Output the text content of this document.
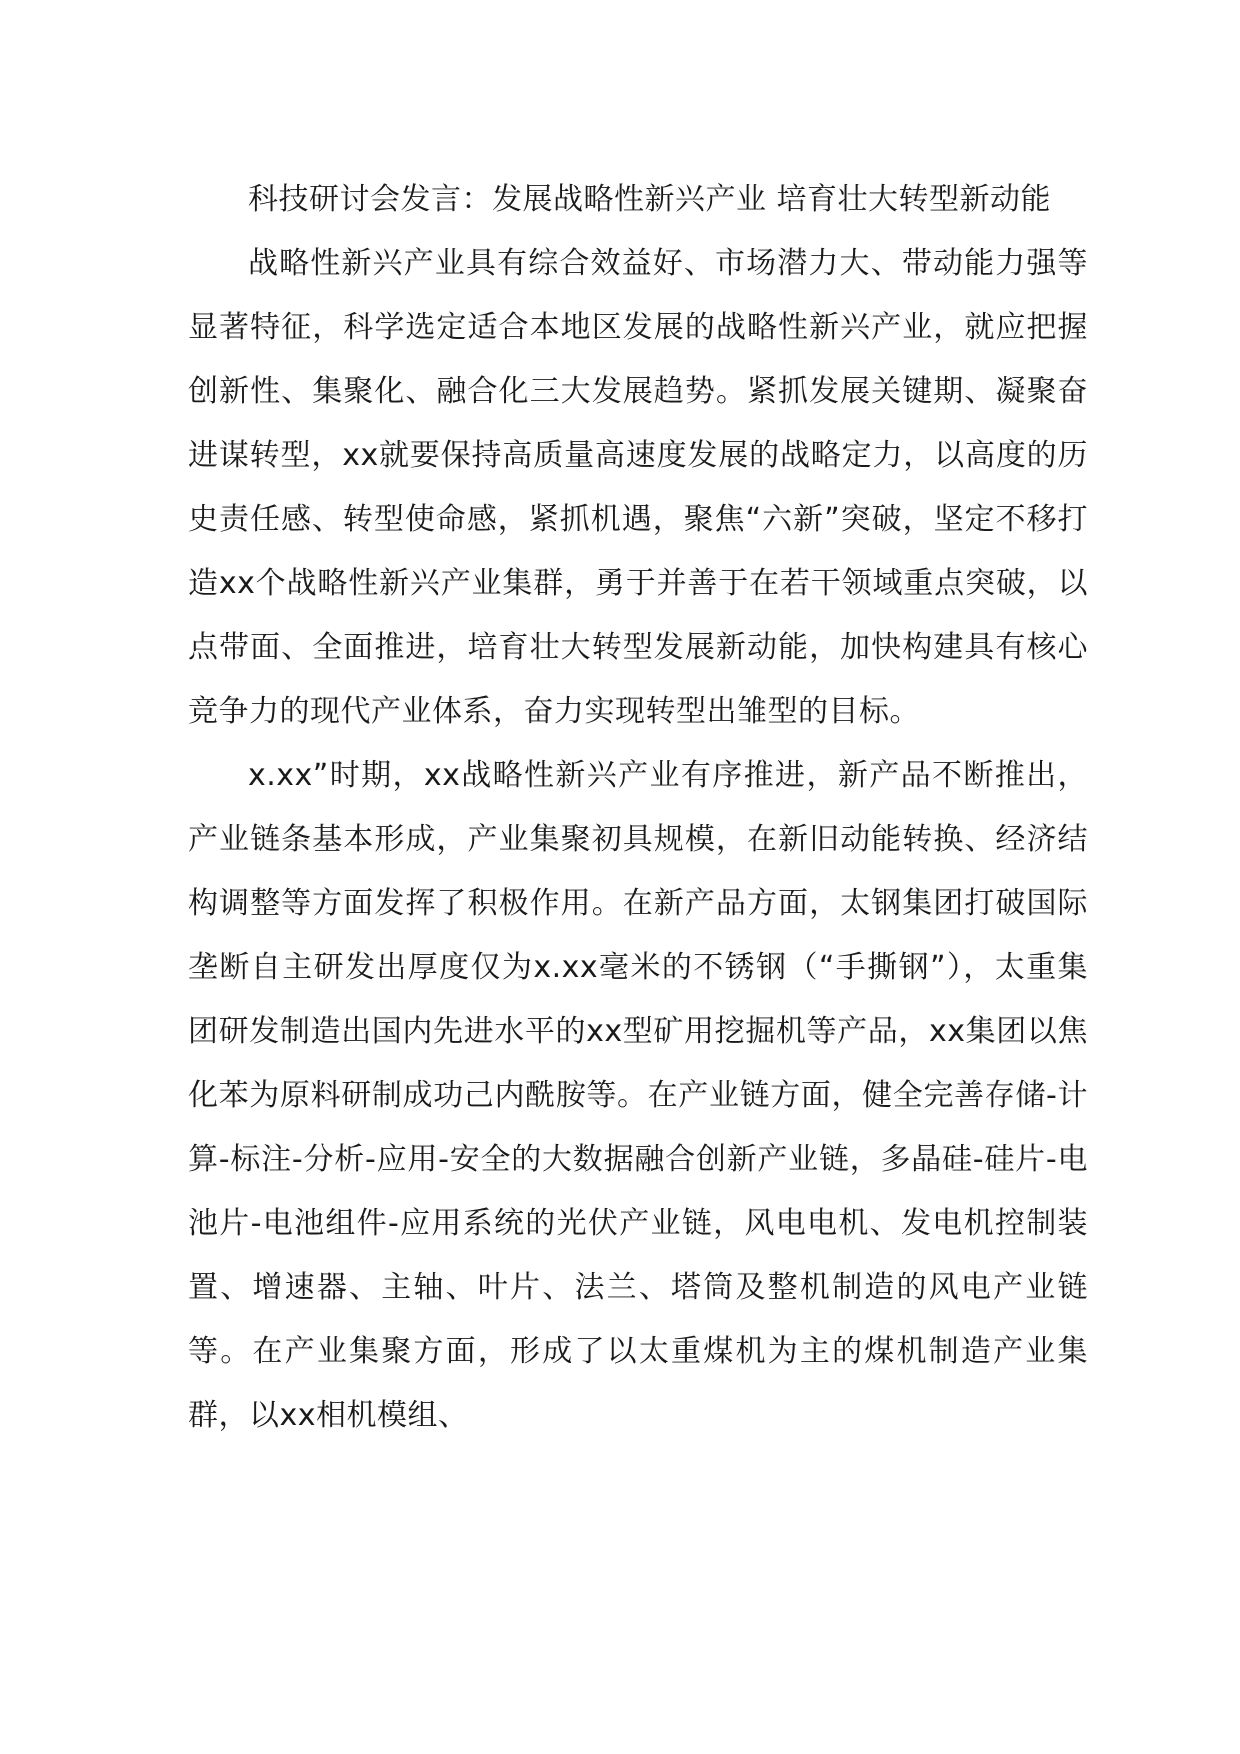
科技研讨会发言：发展战略性新兴产业 培育壮大转型新动能

战略性新兴产业具有综合效益好、市场潜力大、带动能力强等显著特征，科学选定适合本地区发展的战略性新兴产业，就应把握创新性、集聚化、融合化三大发展趋势。紧抓发展关键期、凝聚奋进谋转型，xx就要保持高质量高速度发展的战略定力，以高度的历史责任感、转型使命感，紧抓机遇，聚焦“六新”突破，坚定不移打造xx个战略性新兴产业集群，勇于并善于在若干领域重点突破，以点带面、全面推进，培育壮大转型发展新动能，加快构建具有核心竞争力的现代产业体系，奋力实现转型出雏型的目标。

x.xx”时期，xx战略性新兴产业有序推进，新产品不断推出，产业链条基本形成，产业集聚初具规模，在新旧动能转换、经济结构调整等方面发挥了积极作用。在新产品方面，太钢集团打破国际垄断自主研发出厚度仅为x.xx毫米的不锈钢（“手撕钢”），太重集团研发制造出国内先进水平的xx型矿用挖掘机等产品，xx集团以焦化苯为原料研制成功己内酰胺等。在产业链方面，健全完善存储-计算-标注-分析-应用-安全的大数据融合创新产业链，多晶硅-硅片-电池片-电池组件-应用系统的光伏产业链，风电电机、发电机控制装置、增速器、主轴、叶片、法兰、塔筒及整机制造的风电产业链等。在产业集聚方面，形成了以太重煤机为主的煤机制造产业集群，以xx相机模组、
